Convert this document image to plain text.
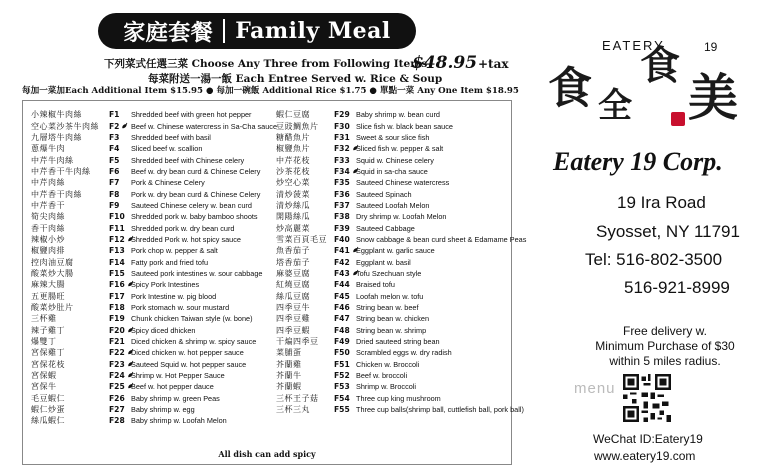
家庭套餐 Family Meal
下列菜式任選三菜 Choose Any Three from Following Items
$48.95 +tax
每菜附送一湯一飯 Each Entree Served w. Rice & Soup
每加一菜加Each Additional Item $15.95 ● 每加一碗飯 Additional Rice $1.75 ● 單點一菜 Any One Item $18.95
小辣椒牛肉絲	F1	Shredded beef with green hot pepper
空心菜沙茶牛肉絲	F2	Beef w. Chinese watercress in Sa-Cha sauce
九層塔牛肉絲	F3	Shredded beef with basil
蔥爆牛肉	F4	Sliced beef w. scallion
中芹牛肉絲	F5	Shredded beef with Chinese celery
中芹香干牛肉絲	F6	Beef w. dry bean curd & Chinese Celery
中芹肉絲	F7	Pork & Chinese Celery
中芹香干肉絲	F8	Pork w. dry bean curd & Chinese Celery
中芹香干	F9	Sauteed Chinese celery w. bean curd
筍尖肉絲	F10 Shredded pork w. baby bamboo shoots
香干肉絲	F11 Shredded pork w. dry bean curd
辣椒小炒	F12 Shredded Pork w. hot spicy sauce
椒鹽肉排	F13 Pork chop w. pepper & salt
控肉油豆腐	F14 Fatty pork and fried tofu
酸菜炒大腸	F15 Sauteed pork intestines w. sour cabbage
麻辣大腸	F16 Spicy Pork Intestines
五更腸旺	F17 Pork Intestine w. pig blood
酸菜炒肚片	F18 Pork stomach w. sour mustard
三杯雞	F19 Chunk chicken Taiwan style (w. bone)
辣子雞丁	F20 Spicy diced dhicken
爆雙丁	F21 Diced chicken & shrimp w. spicy sauce
宮保雞丁	F22 Diced chicken w. hot pepper sauce
宮保花枝	F23 Sauteed Squid w. hot pepper sauce
宮保蝦	F24 Shrimp w. Hot Pepper Sauce
宮保牛	F25 Beef w. hot pepper dauce
毛豆蝦仁	F26 Baby shrimp w. green Peas
蝦仁炒蛋	F27 Baby shrimp w. egg
絲瓜蝦仁	F28 Baby shrimp w. Loofah Melon
蝦仁豆腐	F29 Baby shrimp w. bean curd
豆豉鯛魚片	F30 Slice fish w. black bean sauce
糖醋魚片	F31 Sweet & sour slice fish
椒鹽魚片	F32 Sliced fish w. pepper & salt
中芹花枝	F33 Squid w. Chinese celery
沙茶花枝	F34 Squid in sa-cha sauce
炒空心菜	F35 Sauteed Chinese watercress
清炒菠菜	F36 Sauteed Spinach
清炒絲瓜	F37 Sauteed Loofah Melon
開陽絲瓜	F38 Dry shrimp w. Loofah Melon
炒高麗菜	F39 Sauteed Cabbage
雪菜百頁毛豆 F40 Snow cabbage & bean curd sheet & Edamame Peas
魚香茄子	F41 Eggplant w. garlic sauce
塔香茄子	F42 Eggplant w. basil
麻婆豆腐	F43 Tofu Szechuan style
紅燒豆腐	F44 Braised tofu
絲瓜豆腐	F45 Loofah melon w. tofu
四季豆牛	F46 String bean w. beef
四季豆雞	F47 String bean w. chicken
四季豆蝦	F48 String bean w. shrimp
干煸四季豆	F49 Dried sauteed string bean
菜脯蛋	F50 Scrambled eggs w. dry radish
芥蘭雞	F51 Chicken w. Broccoli
芥蘭牛	F52 Beef w. broccoli
芥蘭蝦	F53 Shrimp w. Broccoli
三杯王子菇	F54 Three cup king mushroom
三杯三丸	F55 Three cup balls(shrimp ball, cuttlefish ball, pork ball)
All dish can add spicy
EATERY	19
食 全
食
美
Eatery 19 Corp.
19 Ira Road
Syosset, NY 11791
Tel: 516-802-3500
516-921-8999
Free delivery w.
Minimum Purchase of $30
within 5 miles radius.
menu
WeChat ID:Eatery19
www.eatery19.com
